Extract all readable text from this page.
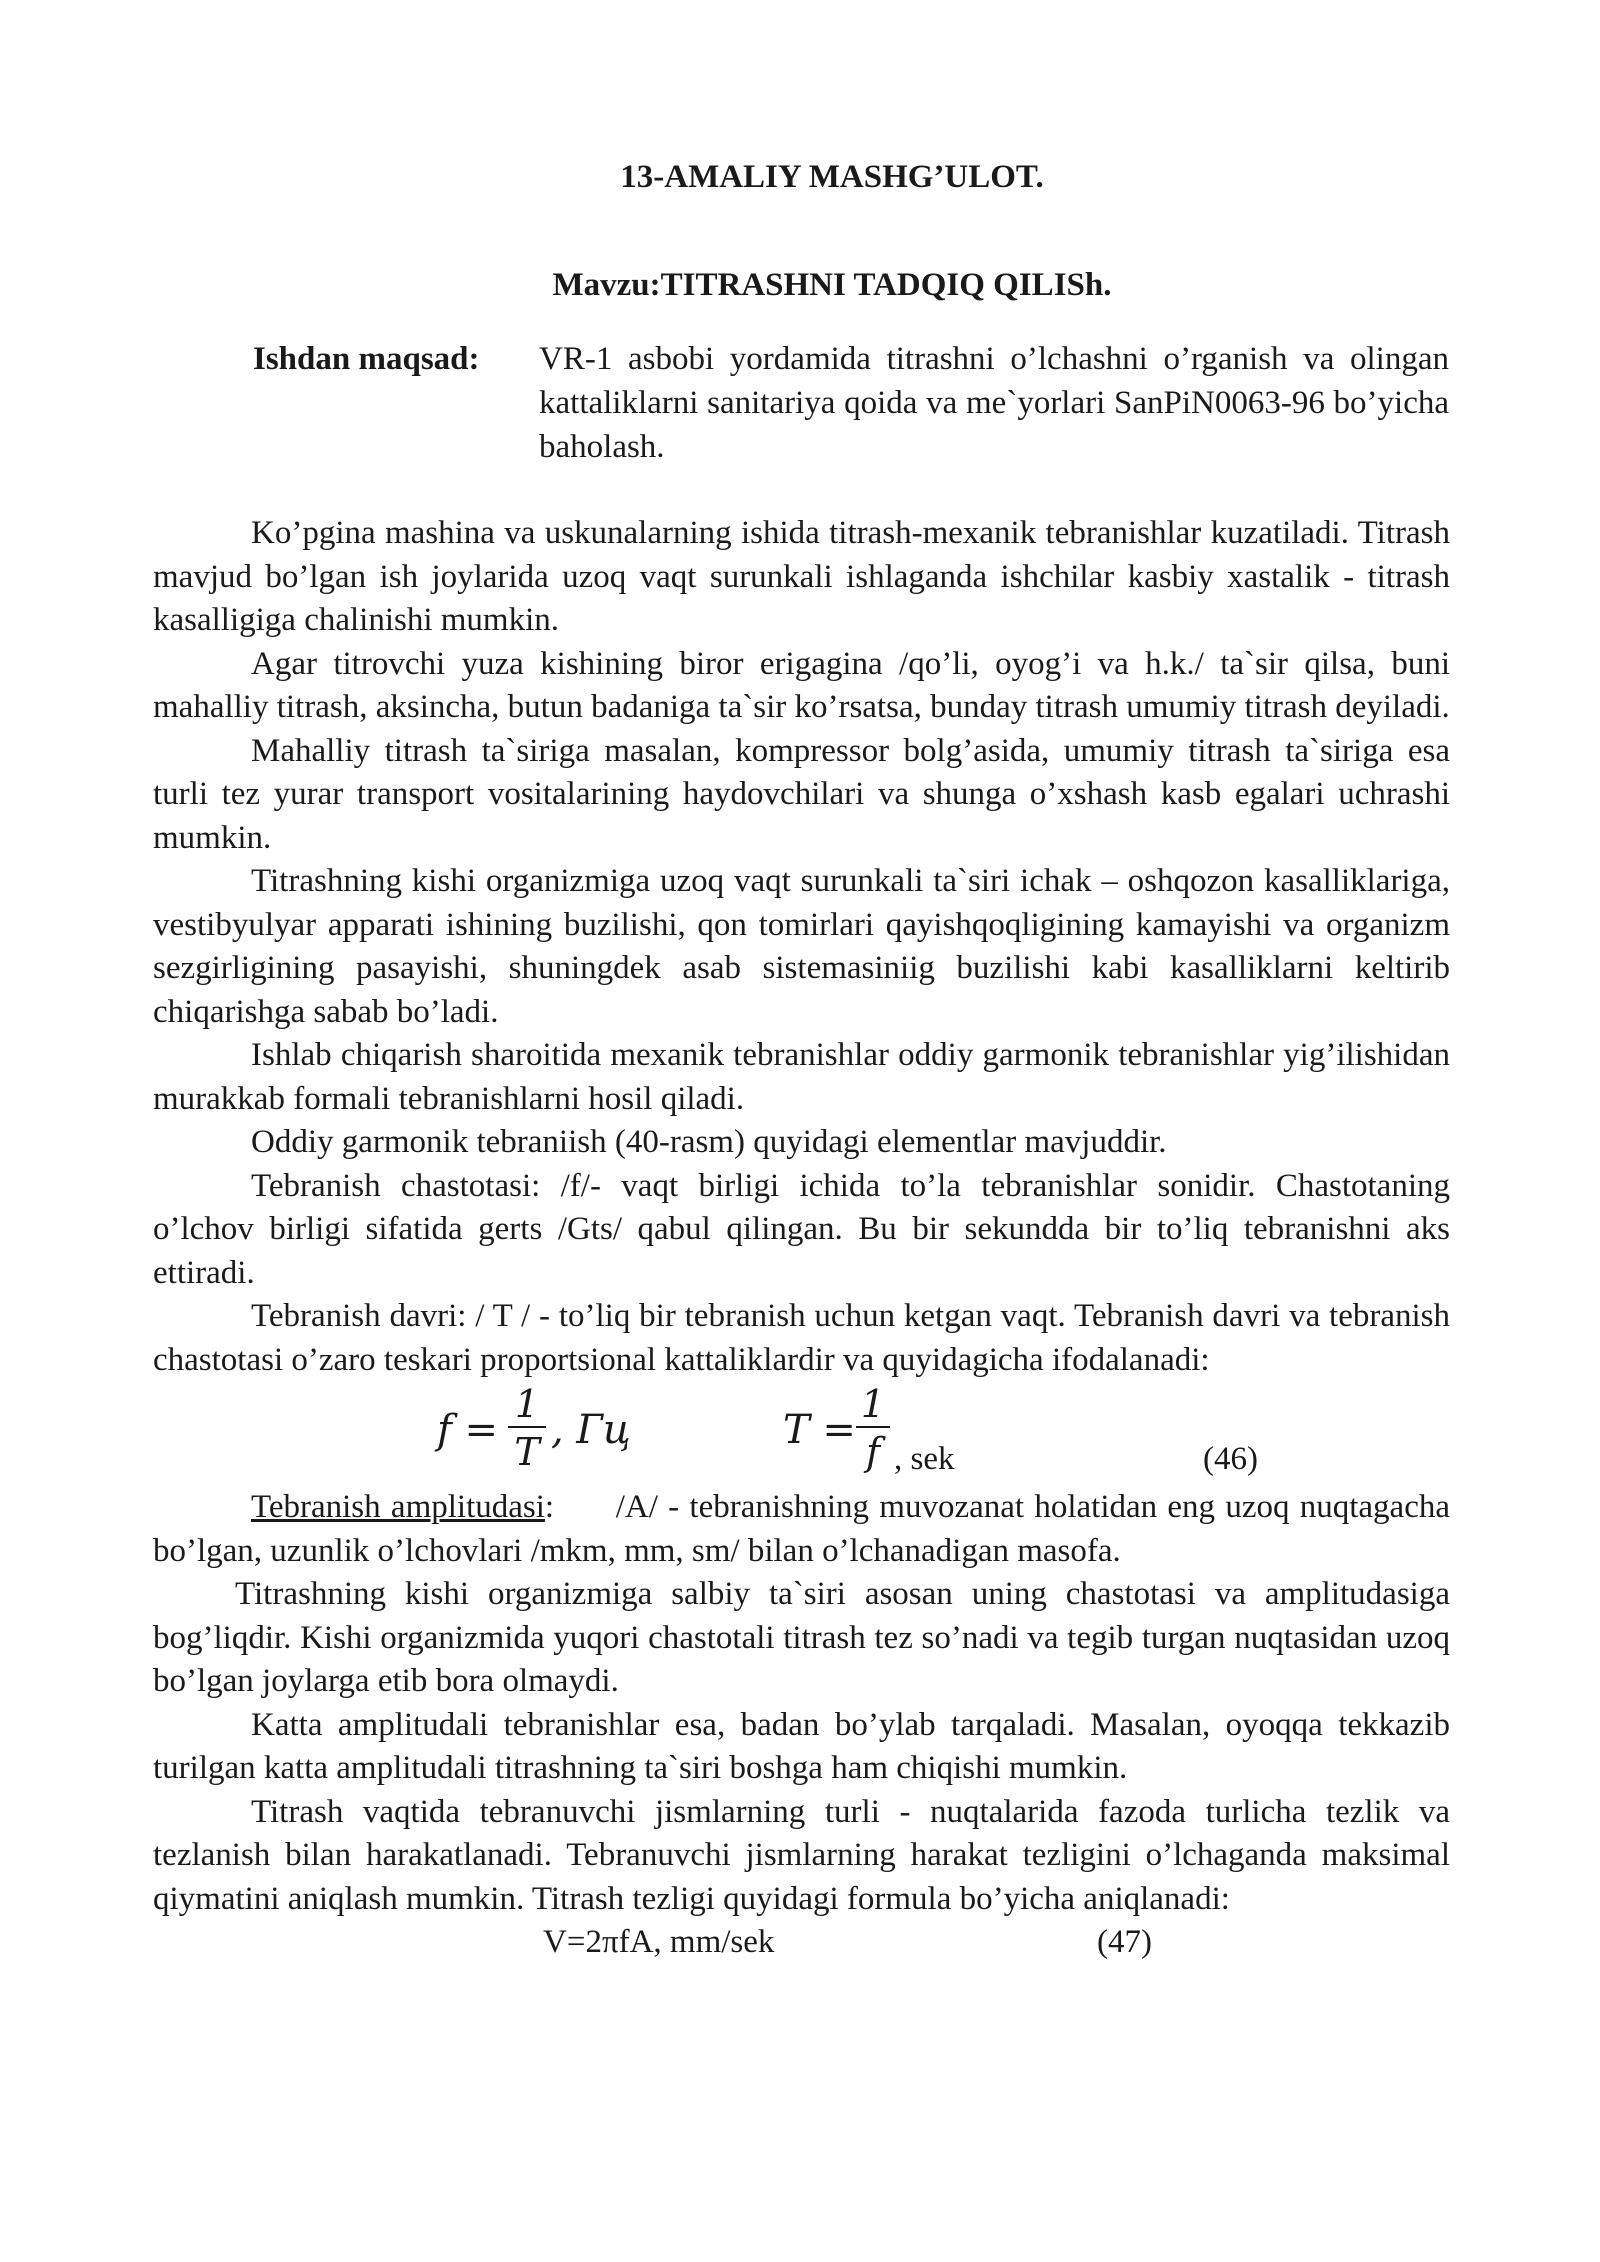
13-AMALIY MASHG’ULOT.
Mavzu:TITRASHNI TADQIQ QILISh.
Ishdan maqsad: VR-1 asbobi yordamida titrashni o’lchashni o’rganish va olingan kattaliklarni sanitariya qoida va me`yorlari SanPiN0063-96 bo’yicha baholash.

Ko’pgina mashina va uskunalarning ishida titrash-mexanik tebranishlar kuzatiladi. Titrash mavjud bo’lgan ish joylarida uzoq vaqt surunkali ishlaganda ishchilar kasbiy xastalik - titrash kasalligiga chalinishi mumkin.

Agar titrovchi yuza kishining biror erigagina /qo’li, oyog’i va h.k./ ta`sir qilsa, buni mahalliy titrash, aksincha, butun badaniga ta`sir ko’rsatsa, bunday titrash umumiy titrash deyiladi.

Mahalliy titrash ta`siriga masalan, kompressor bolg’asida, umumiy titrash ta`siriga esa turli tez yurar transport vositalarining haydovchilari va shunga o’xshash kasb egalari uchrashi mumkin.

Titrashning kishi organizmiga uzoq vaqt surunkali ta`siri ichak – oshqozon kasalliklariga, vestibyulyar apparati ishining buzilishi, qon tomirlari qayishqoqligining kamayishi va organizm sezgirligining pasayishi, shuningdek asab sistemasiniig buzilishi kabi kasalliklarni keltirib chiqarishga sabab bo’ladi.

Ishlab chiqarish sharoitida mexanik tebranishlar oddiy garmonik tebranishlar yig’ilishidan murakkab formali tebranishlarni hosil qiladi.

Oddiy garmonik tebraniish (40-rasm) quyidagi elementlar mavjuddir.

Tebranish chastotasi: /f/- vaqt birligi ichida to’la tebranishlar sonidir. Chastotaning o’lchov birligi sifatida gerts /Gts/ qabul qilingan. Bu bir sekundda bir to’liq tebranishni aks ettiradi.

Tebranish davri: / T / - to’liq bir tebranish uchun ketgan vaqt. Tebranish davri va tebranish chastotasi o’zaro teskari proportsional kattaliklardir va quyidagicha ifodalanadi:

f =
1
T , Гц	T =
1
f , sek	(46)

Tebranish amplitudasi: /A/ - tebranishning muvozanat holatidan eng uzoq nuqtagacha bo’lgan, uzunlik o’lchovlari /mkm, mm, sm/ bilan o’lchanadigan masofa.

Titrashning kishi organizmiga salbiy ta`siri asosan uning chastotasi va amplitudasiga bog’liqdir. Kishi organizmida yuqori chastotali titrash tez so’nadi va tegib turgan nuqtasidan uzoq bo’lgan joylarga etib bora olmaydi.

Katta amplitudali tebranishlar esa, badan bo’ylab tarqaladi. Masalan, oyoqqa tekkazib turilgan katta amplitudali titrashning ta`siri boshga ham chiqishi mumkin.

Titrash vaqtida tebranuvchi jismlarning turli - nuqtalarida fazoda turlicha tezlik va tezlanish bilan harakatlanadi. Tebranuvchi jismlarning harakat tezligini o’lchaganda maksimal qiymatini aniqlash mumkin. Titrash tezligi quyidagi formula bo’yicha aniqlanadi:

V=2πfA, mm/sek	(47)
